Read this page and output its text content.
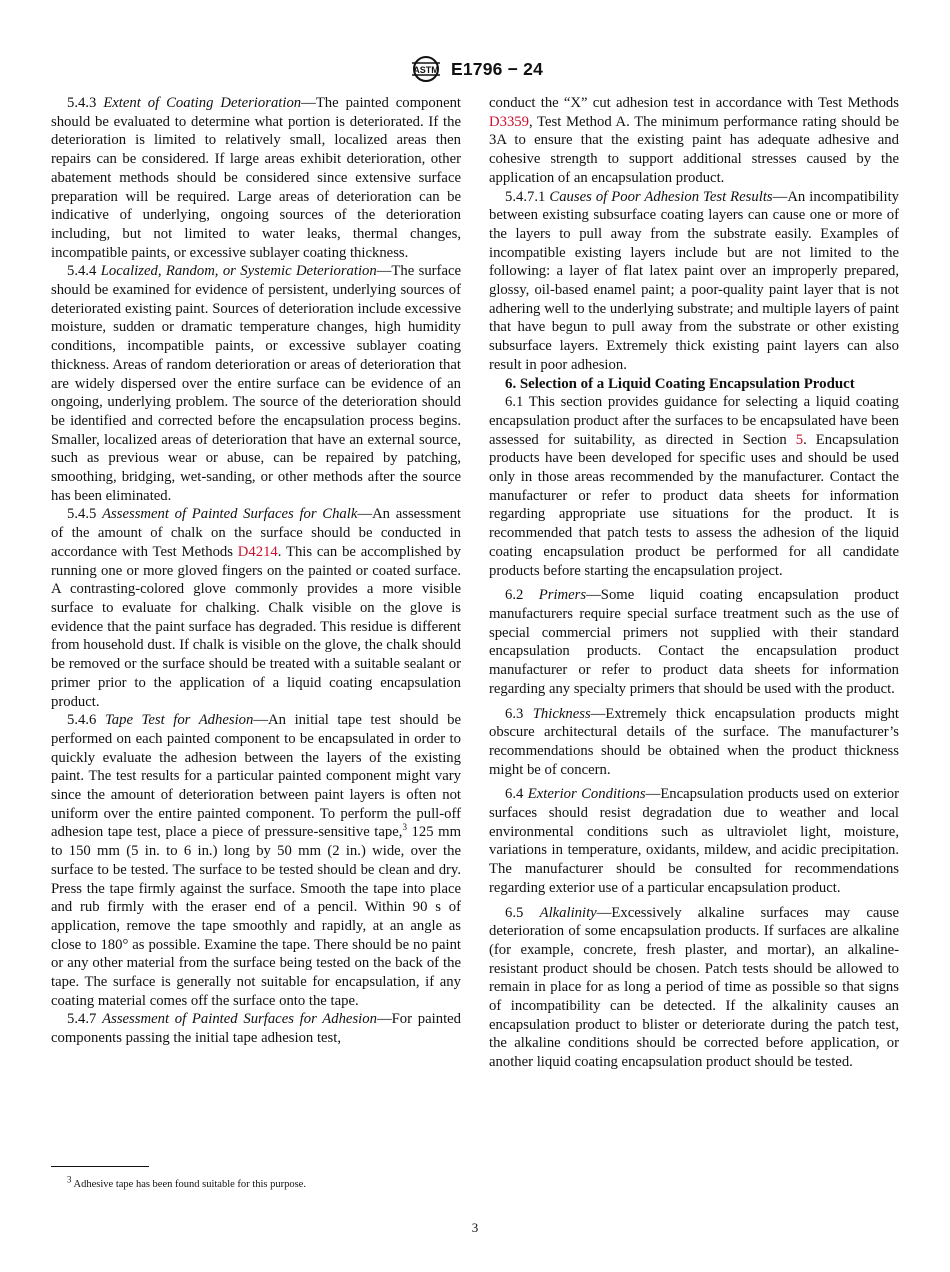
ASTM E1796 − 24

5.4.3 Extent of Coating Deterioration—The painted component should be evaluated to determine what portion is deteriorated. If the deterioration is limited to relatively small, localized areas then repairs can be considered. If large areas exhibit deterioration, other abatement methods should be considered since extensive surface preparation will be required. Large areas of deterioration can be indicative of underlying, ongoing sources of the deterioration including, but not limited to water leaks, thermal changes, incompatible paints, or excessive sublayer coating thickness.

5.4.4 Localized, Random, or Systemic Deterioration—The surface should be examined for evidence of persistent, underlying sources of deteriorated existing paint. Sources of deterioration include excessive moisture, sudden or dramatic temperature changes, high humidity conditions, incompatible paints, or excessive sublayer coating thickness. Areas of random deterioration or areas of deterioration that are widely dispersed over the entire surface can be evidence of an ongoing, underlying problem. The source of the deterioration should be identified and corrected before the encapsulation process begins. Smaller, localized areas of deterioration that have an external source, such as previous wear or abuse, can be repaired by patching, smoothing, bridging, wet-sanding, or other methods after the source has been eliminated.

5.4.5 Assessment of Painted Surfaces for Chalk—An assessment of the amount of chalk on the surface should be conducted in accordance with Test Methods D4214. This can be accomplished by running one or more gloved fingers on the painted or coated surface. A contrasting-colored glove commonly provides a more visible surface to evaluate for chalking. Chalk visible on the glove is evidence that the paint surface has degraded. This residue is different from household dust. If chalk is visible on the glove, the chalk should be removed or the surface should be treated with a suitable sealant or primer prior to the application of a liquid coating encapsulation product.

5.4.6 Tape Test for Adhesion—An initial tape test should be performed on each painted component to be encapsulated in order to quickly evaluate the adhesion between the layers of the existing paint. The test results for a particular painted component might vary since the amount of deterioration between paint layers is often not uniform over the entire painted component. To perform the pull-off adhesion tape test, place a piece of pressure-sensitive tape,$^3$ 125 mm to 150 mm (5 in. to 6 in.) long by 50 mm (2 in.) wide, over the surface to be tested. The surface to be tested should be clean and dry. Press the tape firmly against the surface. Smooth the tape into place and rub firmly with the eraser end of a pencil. Within 90 s of application, remove the tape smoothly and rapidly, at an angle as close to 180° as possible. Examine the tape. There should be no paint or any other material from the surface being tested on the back of the tape. The surface is generally not suitable for encapsulation, if any coating material comes off the surface onto the tape.

5.4.7 Assessment of Painted Surfaces for Adhesion—For painted components passing the initial tape adhesion test,

conduct the “X” cut adhesion test in accordance with Test Methods D3359, Test Method A. The minimum performance rating should be 3A to ensure that the existing paint has adequate adhesive and cohesive strength to support additional stresses caused by the application of an encapsulation product.

5.4.7.1 Causes of Poor Adhesion Test Results—An incompatibility between existing subsurface coating layers can cause one or more of the layers to pull away from the substrate easily. Examples of incompatible existing layers include but are not limited to the following: a layer of flat latex paint over an improperly prepared, glossy, oil-based enamel paint; a poor-quality paint layer that is not adhering well to the underlying substrate; and multiple layers of paint that have begun to pull away from the substrate or other existing subsurface layers. Extremely thick existing paint layers can also result in poor adhesion.

6. Selection of a Liquid Coating Encapsulation Product

6.1 This section provides guidance for selecting a liquid coating encapsulation product after the surfaces to be encapsulated have been assessed for suitability, as directed in Section 5. Encapsulation products have been developed for specific uses and should be used only in those areas recommended by the manufacturer. Contact the manufacturer or refer to product data sheets for information regarding appropriate use situations for the product. It is recommended that patch tests to assess the adhesion of the liquid coating encapsulation product be performed for all candidate products before starting the encapsulation project.

6.2 Primers—Some liquid coating encapsulation product manufacturers require special surface treatment such as the use of special commercial primers not supplied with their standard encapsulation products. Contact the encapsulation product manufacturer or refer to product data sheets for information regarding any specialty primers that should be used with the product.

6.3 Thickness—Extremely thick encapsulation products might obscure architectural details of the surface. The manufacturer’s recommendations should be obtained when the product thickness might be of concern.

6.4 Exterior Conditions—Encapsulation products used on exterior surfaces should resist degradation due to weather and local environmental conditions such as ultraviolet light, moisture, variations in temperature, oxidants, mildew, and acidic precipitation. The manufacturer should be consulted for recommendations regarding exterior use of a particular encapsulation product.

6.5 Alkalinity—Excessively alkaline surfaces may cause deterioration of some encapsulation products. If surfaces are alkaline (for example, concrete, fresh plaster, and mortar), an alkaline-resistant product should be chosen. Patch tests should be allowed to remain in place for as long a period of time as possible so that signs of incompatibility can be detected. If the alkalinity causes an encapsulation product to blister or deteriorate during the patch test, the alkaline conditions should be corrected before application, or another liquid coating encapsulation product should be tested.

$^3$ Adhesive tape has been found suitable for this purpose.
3
